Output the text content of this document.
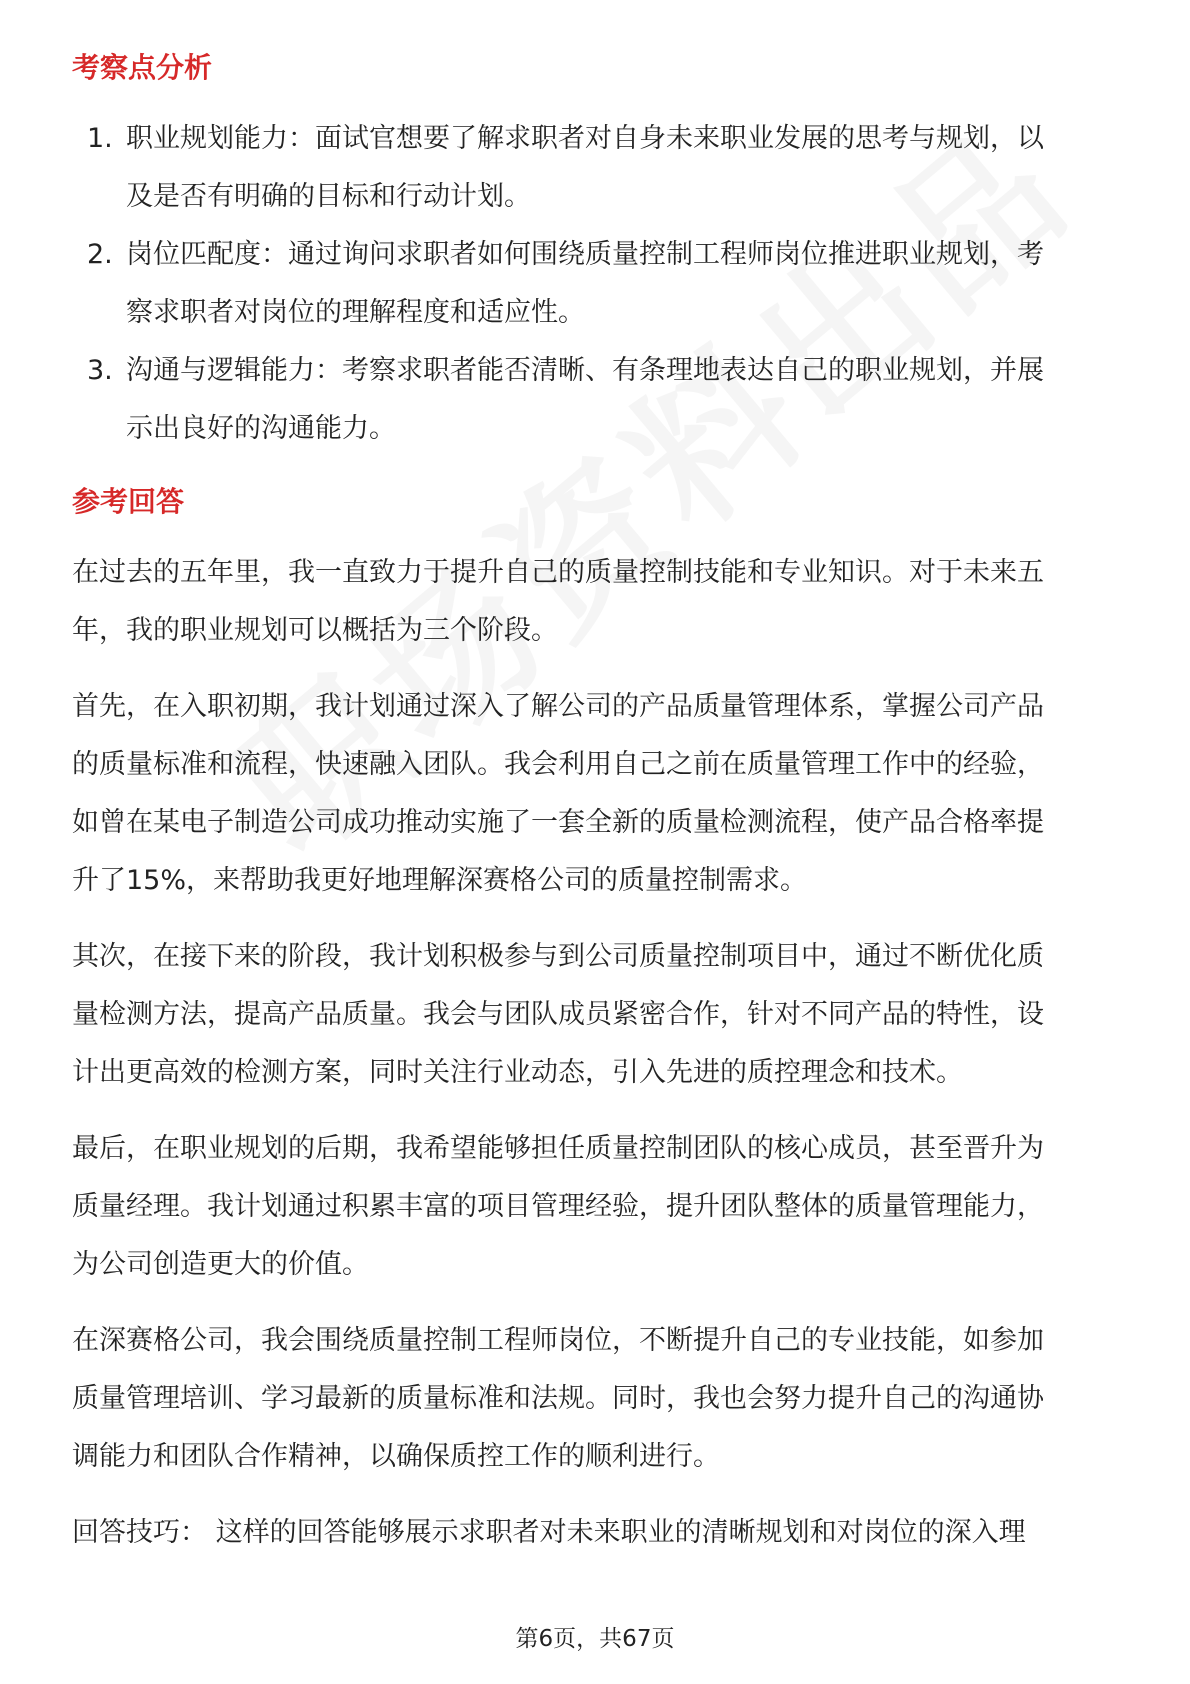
考察点分析
1. 职业规划能力：面试官想要了解求职者对自身未来职业发展的思考与规划，以
及是否有明确的目标和行动计划。
2. 岗位匹配度：通过询问求职者如何围绕质量控制工程师岗位推进职业规划，考
察求职者对岗位的理解程度和适应性。
3. 沟通与逻辑能力：考察求职者能否清晰、有条理地表达自己的职业规划，并展
示出良好的沟通能力。
参考回答
在过去的五年里，我一直致力于提升自己的质量控制技能和专业知识。对于未来五
年，我的职业规划可以概括为三个阶段。
首先，在入职初期，我计划通过深入了解公司的产品质量管理体系，掌握公司产品
的质量标准和流程，快速融入团队。我会利用自己之前在质量管理工作中的经验，
如曾在某电子制造公司成功推动实施了一套全新的质量检测流程，使产品合格率提
升了15%，来帮助我更好地理解深赛格公司的质量控制需求。
其次，在接下来的阶段，我计划积极参与到公司质量控制项目中，通过不断优化质
量检测方法，提高产品质量。我会与团队成员紧密合作，针对不同产品的特性，设
计出更高效的检测方案，同时关注行业动态，引入先进的质控理念和技术。
最后，在职业规划的后期，我希望能够担任质量控制团队的核心成员，甚至晋升为
质量经理。我计划通过积累丰富的项目管理经验，提升团队整体的质量管理能力，
为公司创造更大的价值。
在深赛格公司，我会围绕质量控制工程师岗位，不断提升自己的专业技能，如参加
质量管理培训、学习最新的质量标准和法规。同时，我也会努力提升自己的沟通协
调能力和团队合作精神，以确保质控工作的顺利进行。
回答技巧： 这样的回答能够展示求职者对未来职业的清晰规划和对岗位的深入理
第6页，共67页
